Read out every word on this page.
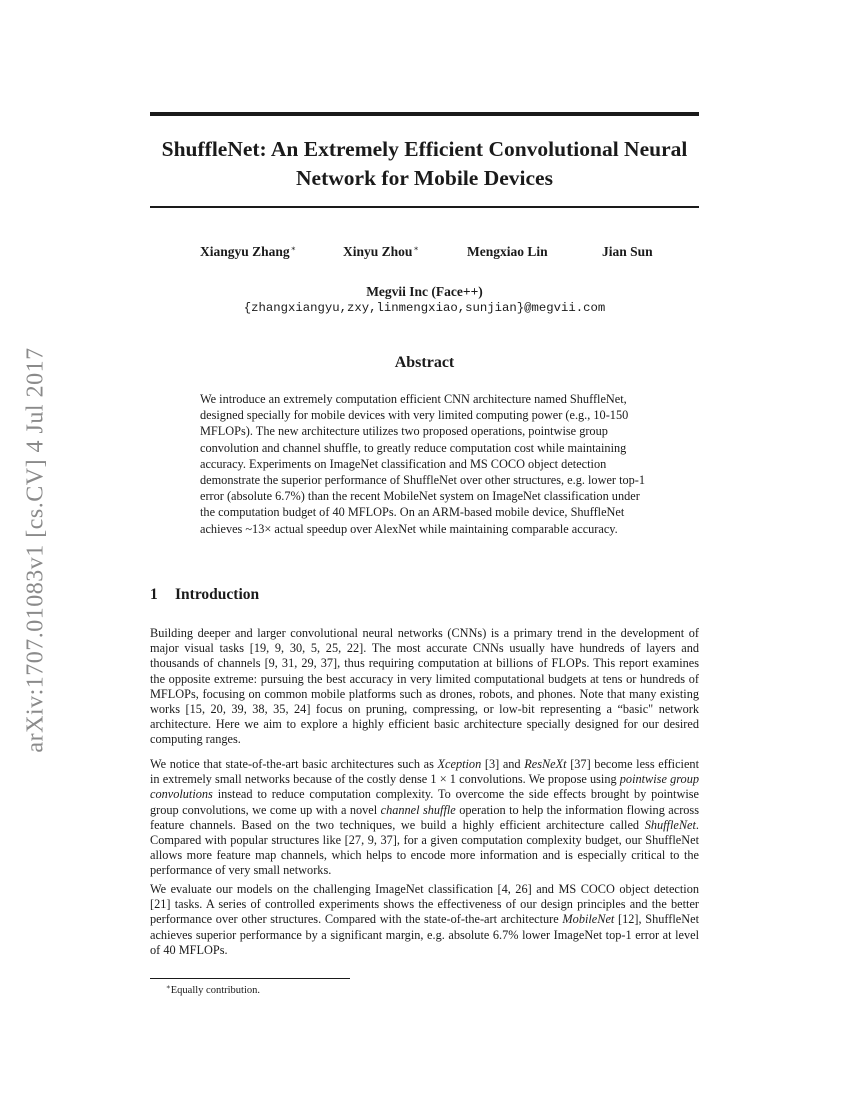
arXiv:1707.01083v1 [cs.CV] 4 Jul 2017
ShuffleNet: An Extremely Efficient Convolutional Neural Network for Mobile Devices
Xiangyu Zhang∗	Xinyu Zhou∗	Mengxiao Lin	Jian Sun
Megvii Inc (Face++)
{zhangxiangyu,zxy,linmengxiao,sunjian}@megvii.com
Abstract

We introduce an extremely computation efficient CNN architecture named ShuffleNet, designed specially for mobile devices with very limited computing power (e.g., 10-150 MFLOPs). The new architecture utilizes two proposed operations, pointwise group convolution and channel shuffle, to greatly reduce computation cost while maintaining accuracy. Experiments on ImageNet classification and MS COCO object detection demonstrate the superior performance of ShuffleNet over other structures, e.g. lower top-1 error (absolute 6.7%) than the recent MobileNet system on ImageNet classification under the computation budget of 40 MFLOPs. On an ARM-based mobile device, ShuffleNet achieves ~13× actual speedup over AlexNet while maintaining comparable accuracy.

1 Introduction

Building deeper and larger convolutional neural networks (CNNs) is a primary trend in the development of major visual tasks [19, 9, 30, 5, 25, 22]. The most accurate CNNs usually have hundreds of layers and thousands of channels [9, 31, 29, 37], thus requiring computation at billions of FLOPs. This report examines the opposite extreme: pursuing the best accuracy in very limited computational budgets at tens or hundreds of MFLOPs, focusing on common mobile platforms such as drones, robots, and phones. Note that many existing works [15, 20, 39, 38, 35, 24] focus on pruning, compressing, or low-bit representing a “basic" network architecture. Here we aim to explore a highly efficient basic architecture specially designed for our desired computing ranges.

We notice that state-of-the-art basic architectures such as Xception [3] and ResNeXt [37] become less efficient in extremely small networks because of the costly dense 1 × 1 convolutions. We propose using pointwise group convolutions instead to reduce computation complexity. To overcome the side effects brought by pointwise group convolutions, we come up with a novel channel shuffle operation to help the information flowing across feature channels. Based on the two techniques, we build a highly efficient architecture called ShuffleNet. Compared with popular structures like [27, 9, 37], for a given computation complexity budget, our ShuffleNet allows more feature map channels, which helps to encode more information and is especially critical to the performance of very small networks.

We evaluate our models on the challenging ImageNet classification [4, 26] and MS COCO object detection [21] tasks. A series of controlled experiments shows the effectiveness of our design principles and the better performance over other structures. Compared with the state-of-the-art architecture MobileNet [12], ShuffleNet achieves superior performance by a significant margin, e.g. absolute 6.7% lower ImageNet top-1 error at level of 40 MFLOPs.

∗Equally contribution.
